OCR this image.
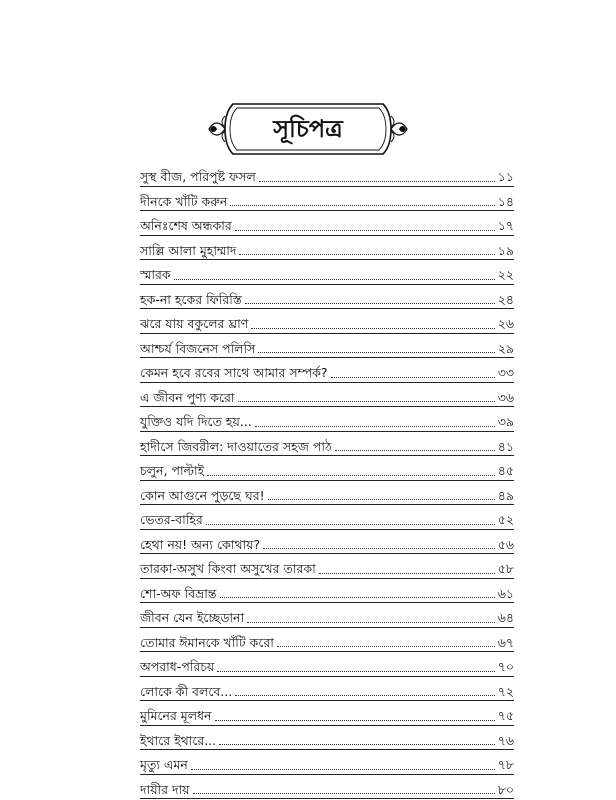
সূচিপত্র
সুস্থ বীজ, পরিপুষ্ট ফসল	১১
দীনকে খাঁটি করুন	১৪
অনিঃশেষ অন্ধকার	১৭
সাল্লি আলা মুহাম্মাদ	১৯
স্মারক	২২
হক-না হকের ফিরিস্তি	২৪
ঝরে যায় বকুলের ঘ্রাণ	২৬
আশ্চর্য বিজনেস পলিসি	২৯
কেমন হবে রবের সাথে আমার সম্পর্ক?	৩৩
এ জীবন পুণ্য করো	৩৬
যুক্তিও যদি দিতে হয়...	৩৯
হাদীসে জিবরীল: দাওয়াতের সহজ পাঠ	৪১
চলুন, পাল্টাই	৪৫
কোন আগুনে পুড়ছে ঘর!	৪৯
ভেতর-বাহির	৫২
হেথা নয়! অন্য কোথায়?	৫৬
তারকা-অসুখ কিংবা অসুখের তারকা	৫৮
শো-অফ বিভ্রান্ত	৬১
জীবন যেন ইচ্ছেডানা	৬৪
তোমার ঈমানকে খাঁটি করো	৬৭
অপরাধ-পরিচয়	৭০
লোকে কী বলবে...	৭২
মুমিনের মূলধন	৭৫
ইথারে ইথারে...	৭৬
মৃত্যু এমন	৭৮
দায়ীর দায়	৮০
